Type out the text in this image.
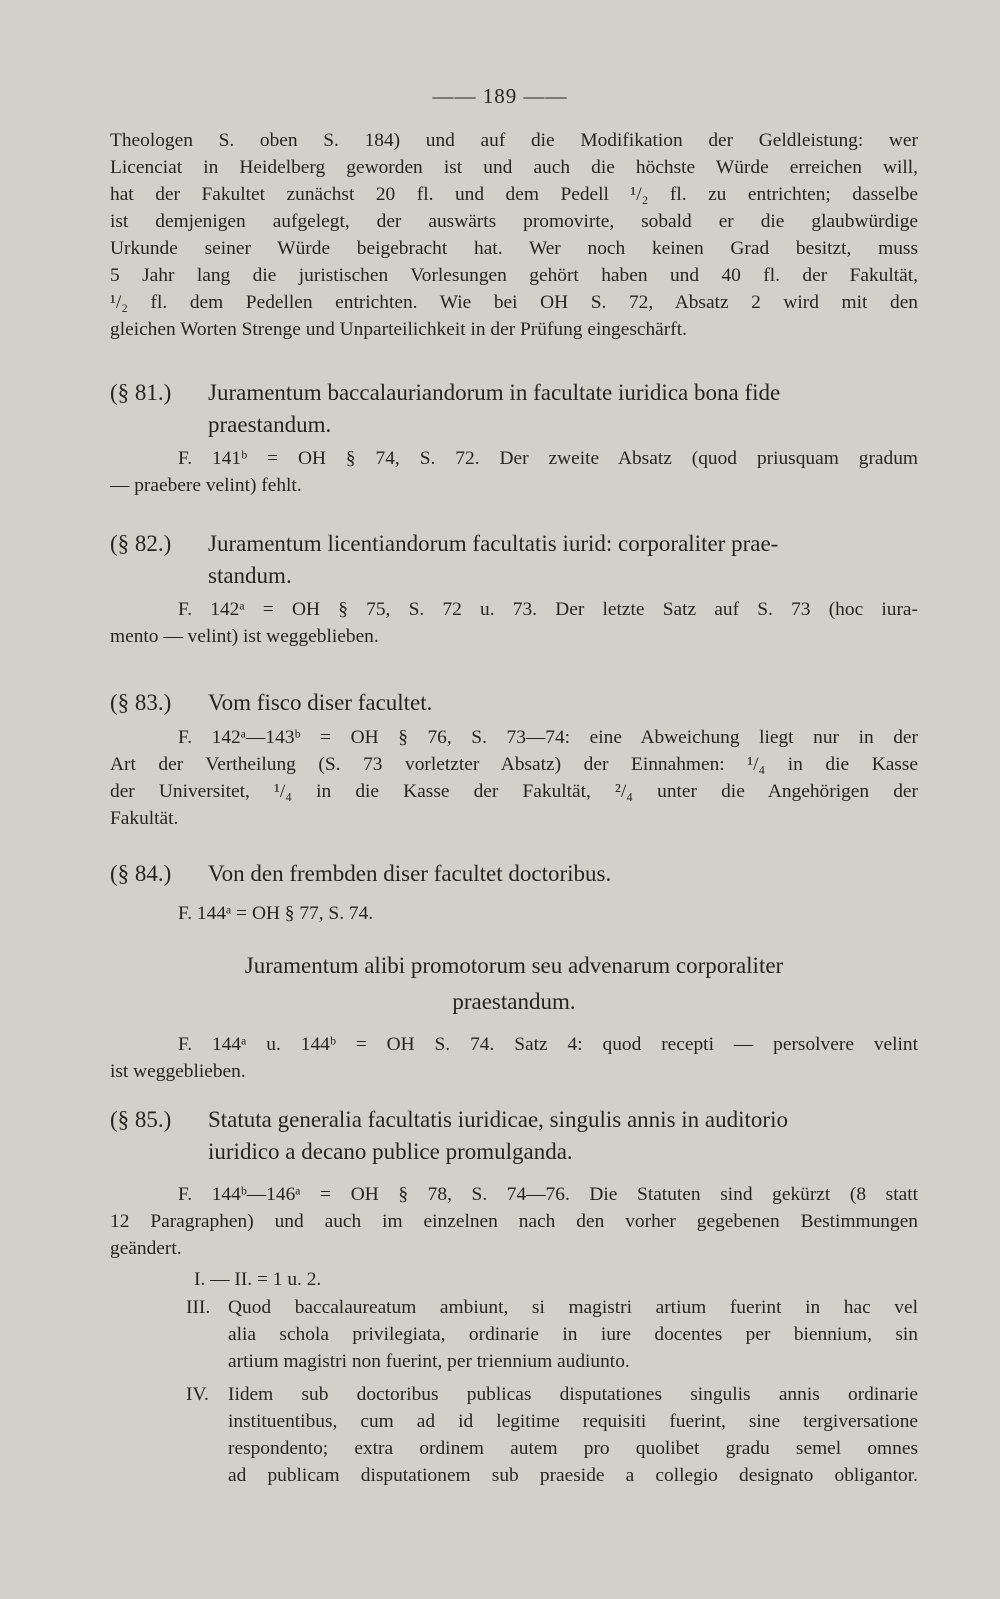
—— 189 ——
Theologen S. oben S. 184) und auf die Modifikation der Geldleistung: wer
Licenciat in Heidelberg geworden ist und auch die höchste Würde erreichen will,
hat der Fakultet zunächst 20 fl. und dem Pedell ¹/₂ fl. zu entrichten; dasselbe
ist demjenigen aufgelegt, der auswärts promovirte, sobald er die glaubwürdige
Urkunde seiner Würde beigebracht hat. Wer noch keinen Grad besitzt, muss
5 Jahr lang die juristischen Vorlesungen gehört haben und 40 fl. der Fakultät,
¹/₂ fl. dem Pedellen entrichten. Wie bei OH S. 72, Absatz 2 wird mit den
gleichen Worten Strenge und Unparteilichkeit in der Prüfung eingeschärft.
(§ 81.) Juramentum baccalauriandorum in facultate iuridica bona fide
praestandum.
F. 141ᵇ = OH § 74, S. 72. Der zweite Absatz (quod priusquam gradum
— praebere velint) fehlt.
(§ 82.) Juramentum licentiandorum facultatis iurid: corporaliter prae-
standum.
F. 142ᵃ = OH § 75, S. 72 u. 73. Der letzte Satz auf S. 73 (hoc iura-
mento — velint) ist weggeblieben.
(§ 83.) Vom fisco diser facultet.
F. 142ᵃ—143ᵇ = OH § 76, S. 73—74: eine Abweichung liegt nur in der
Art der Vertheilung (S. 73 vorletzter Absatz) der Einnahmen: ¹/₄ in die Kasse
der Universitet, ¹/₄ in die Kasse der Fakultät, ²/₄ unter die Angehörigen der
Fakultät.
(§ 84.) Von den frembden diser facultet doctoribus.
F. 144ᵃ = OH § 77, S. 74.
Juramentum alibi promotorum seu advenarum corporaliter
praestandum.
F. 144ᵃ u. 144ᵇ = OH S. 74. Satz 4: quod recepti — persolvere velint
ist weggeblieben.
(§ 85.) Statuta generalia facultatis iuridicae, singulis annis in auditorio
iuridico a decano publice promulganda.
F. 144ᵇ—146ᵃ = OH § 78, S. 74—76. Die Statuten sind gekürzt (8 statt
12 Paragraphen) und auch im einzelnen nach den vorher gegebenen Bestimmungen
geändert.
I. — II. = 1 u. 2.
III. Quod baccalaureatum ambiunt, si magistri artium fuerint in hac vel
alia schola privilegiata, ordinarie in iure docentes per biennium, sin
artium magistri non fuerint, per triennium audiunto.
IV. Iidem sub doctoribus publicas disputationes singulis annis ordinarie
instituentibus, cum ad id legitime requisiti fuerint, sine tergiversatione
respondento; extra ordinem autem pro quolibet gradu semel omnes
ad publicam disputationem sub praeside a collegio designato obligantor.
